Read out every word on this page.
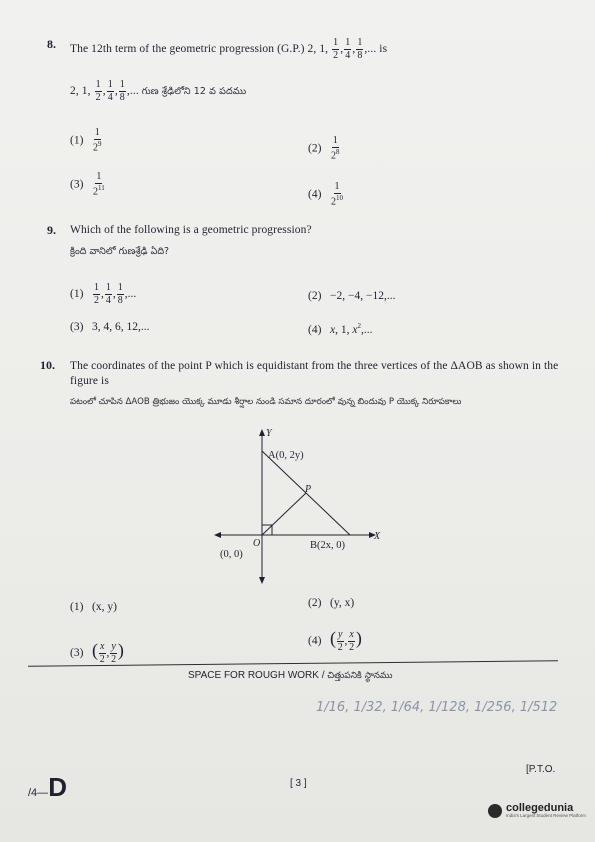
8. The 12th term of the geometric progression (G.P.) 2, 1, $\frac{1}{2}$ , $\frac{1}{4}$ , $\frac{1}{8}$ ,... is
2, 1, $\frac{1}{2}$ , $\frac{1}{4}$ , $\frac{1}{8}$ ,... గుణ శ్రేఢిలోని 12 వ పదము
$(1) \frac{1}{2^9}$	$(2) \frac{1}{2^8}$
$(3) \frac{1}{2^{11}}$	$(4) \frac{1}{2^{10}}$
9. Which of the following is a geometric progression?
క్రింది వానిలో గుణశ్రేఢి ఏది?
$(1) \frac{1}{2}$ , $\frac{1}{4}$ , $\frac{1}{8}$ ,...	(2) −2, −4, −12,...
(3) 3, 4, 6, 12,...	(4) x, 1, $x^2$,...
10. The coordinates of the point P which is equidistant from the three vertices of the ΔAOB as shown in the figure is
పటంలో చూపిన ΔAOB త్రిభుజం యొక్క మూడు శీర్షాల నుండి సమాన దూరంలో వున్న బిందువు P యొక్క నిరూపకాలు
Y
A(0, 2y)
P
O	B(2x, 0)
(0, 0)
X
(1) (x, y)	(2) (y, x)
(3) ( $\frac{x}{2}$ , $\frac{y}{2}$ )	(4) ( $\frac{y}{2}$ , $\frac{x}{2}$ )
SPACE FOR ROUGH WORK / చిత్తుపనికి స్థానము
1/16, 1/32, 1/64, 1/128, 1/256, 1/512
[P.T.O.
[ 3 ]
/4—D
collegedunia
India's Largest Student Review Platform
